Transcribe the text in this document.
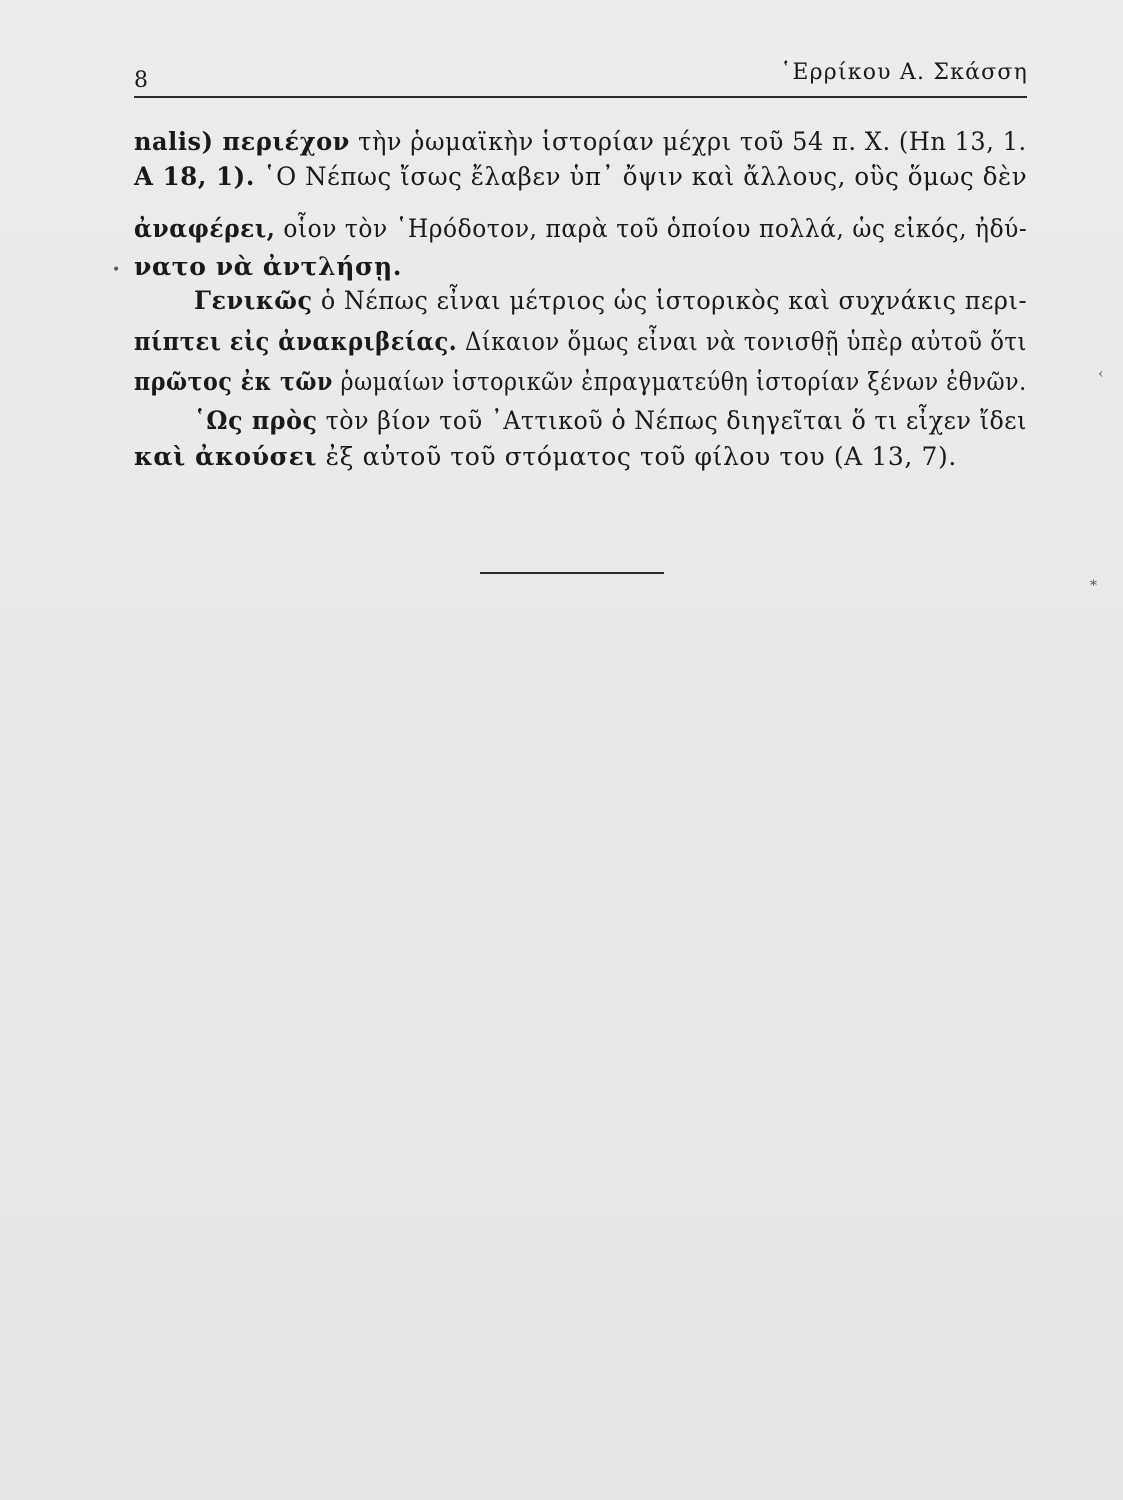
8	῾Ερρίκου Α. Σκάσση
nalis) περιέχον τὴν ῥωμαϊκὴν ἱστορίαν μέχρι τοῦ 54 π. Χ. (Hn 13, 1.
A 18, 1). ῾Ο Νέπως ἴσως ἔλαβεν ὑπ᾽ ὄψιν καὶ ἄλλους, οὓς ὅμως δὲν
ἀναφέρει, οἷον τὸν ῾Ηρόδοτον, παρὰ τοῦ ὁποίου πολλά, ὡς εἰκός, ἠδύ-
νατο νὰ ἀντλήσῃ.
Γενικῶς ὁ Νέπως εἶναι μέτριος ὡς ἱστορικὸς καὶ συχνάκις περι-
πίπτει εἰς ἀνακριβείας. Δίκαιον ὅμως εἶναι νὰ τονισθῇ ὑπὲρ αὐτοῦ ὅτι
πρῶτος ἐκ τῶν ῥωμαίων ἱστορικῶν ἐπραγματεύθη ἱστορίαν ξένων ἐθνῶν.
῾Ως πρὸς τὸν βίον τοῦ ᾽Αττικοῦ ὁ Νέπως διηγεῖται ὅ τι εἶχεν ἴδει
καὶ ἀκούσει ἐξ αὐτοῦ τοῦ στόματος τοῦ φίλου του (A 13, 7).
•
‹
*
